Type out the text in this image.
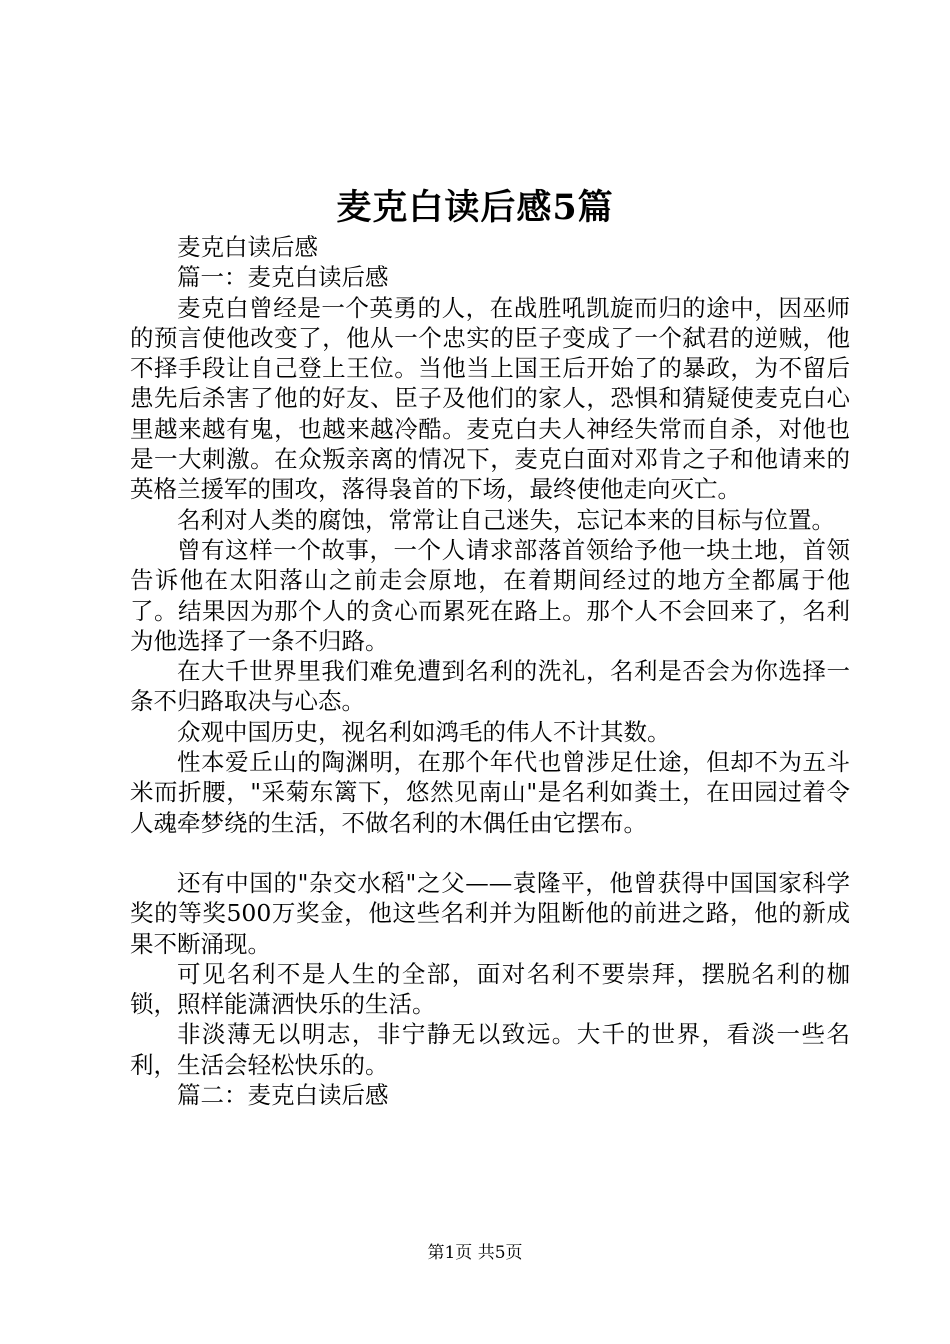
麦克白读后感5篇

麦克白读后感

篇一：麦克白读后感

麦克白曾经是一个英勇的人，在战胜吼凯旋而归的途中，因巫师的预言使他改变了，他从一个忠实的臣子变成了一个弑君的逆贼，他不择手段让自己登上王位。当他当上国王后开始了的暴政，为不留后患先后杀害了他的好友、臣子及他们的家人，恐惧和猜疑使麦克白心里越来越有鬼，也越来越冷酷。麦克白夫人神经失常而自杀，对他也是一大刺激。在众叛亲离的情况下，麦克白面对邓肯之子和他请来的英格兰援军的围攻，落得袅首的下场，最终使他走向灭亡。

名利对人类的腐蚀，常常让自己迷失，忘记本来的目标与位置。

曾有这样一个故事，一个人请求部落首领给予他一块土地，首领告诉他在太阳落山之前走会原地，在着期间经过的地方全都属于他了。结果因为那个人的贪心而累死在路上。那个人不会回来了，名利为他选择了一条不归路。

在大千世界里我们难免遭到名利的洗礼，名利是否会为你选择一条不归路取决与心态。

众观中国历史，视名利如鸿毛的伟人不计其数。

性本爱丘山的陶渊明，在那个年代也曾涉足仕途，但却不为五斗米而折腰，"采菊东篱下，悠然见南山"是名利如粪土，在田园过着令人魂牵梦绕的生活，不做名利的木偶任由它摆布。

还有中国的"杂交水稻"之父——袁隆平，他曾获得中国国家科学奖的等奖500万奖金，他这些名利并为阻断他的前进之路，他的新成果不断涌现。

可见名利不是人生的全部，面对名利不要崇拜，摆脱名利的枷锁，照样能潇洒快乐的生活。

非淡薄无以明志，非宁静无以致远。大千的世界，看淡一些名利，生活会轻松快乐的。

篇二：麦克白读后感

第1页 共5页
